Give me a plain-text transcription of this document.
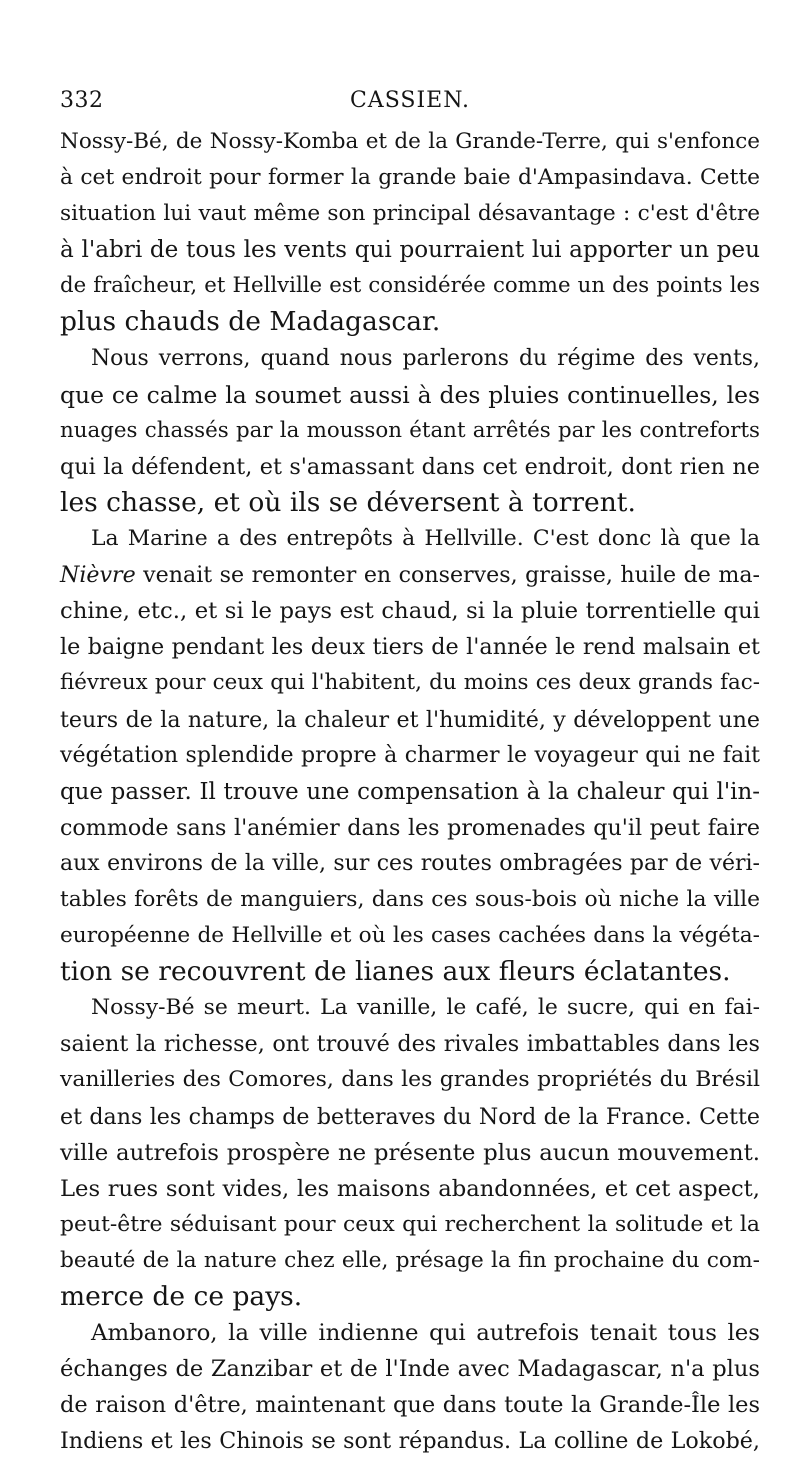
332	CASSIEN.

Nossy-Bé, de Nossy-Komba et de la Grande-Terre, qui s'enfonce
à cet endroit pour former la grande baie d'Ampasindava. Cette
situation lui vaut même son principal désavantage : c'est d'être
à l'abri de tous les vents qui pourraient lui apporter un peu
de fraîcheur, et Hellville est considérée comme un des points les
plus chauds de Madagascar.

Nous verrons, quand nous parlerons du régime des vents,
que ce calme la soumet aussi à des pluies continuelles, les
nuages chassés par la mousson étant arrêtés par les contreforts
qui la défendent, et s'amassant dans cet endroit, dont rien ne
les chasse, et où ils se déversent à torrent.

La Marine a des entrepôts à Hellville. C'est donc là que la
Nièvre venait se remonter en conserves, graisse, huile de ma-
chine, etc., et si le pays est chaud, si la pluie torrentielle qui
le baigne pendant les deux tiers de l'année le rend malsain et
fiévreux pour ceux qui l'habitent, du moins ces deux grands fac-
teurs de la nature, la chaleur et l'humidité, y développent une
végétation splendide propre à charmer le voyageur qui ne fait
que passer. Il trouve une compensation à la chaleur qui l'in-
commode sans l'anémier dans les promenades qu'il peut faire
aux environs de la ville, sur ces routes ombragées par de véri-
tables forêts de manguiers, dans ces sous-bois où niche la ville
européenne de Hellville et où les cases cachées dans la végéta-
tion se recouvrent de lianes aux fleurs éclatantes.

Nossy-Bé se meurt. La vanille, le café, le sucre, qui en fai-
saient la richesse, ont trouvé des rivales imbattables dans les
vanilleries des Comores, dans les grandes propriétés du Brésil
et dans les champs de betteraves du Nord de la France. Cette
ville autrefois prospère ne présente plus aucun mouvement.
Les rues sont vides, les maisons abandonnées, et cet aspect,
peut-être séduisant pour ceux qui recherchent la solitude et la
beauté de la nature chez elle, présage la fin prochaine du com-
merce de ce pays.

Ambanoro, la ville indienne qui autrefois tenait tous les
échanges de Zanzibar et de l'Inde avec Madagascar, n'a plus
de raison d'être, maintenant que dans toute la Grande-Île les
Indiens et les Chinois se sont répandus. La colline de Lokobé,
